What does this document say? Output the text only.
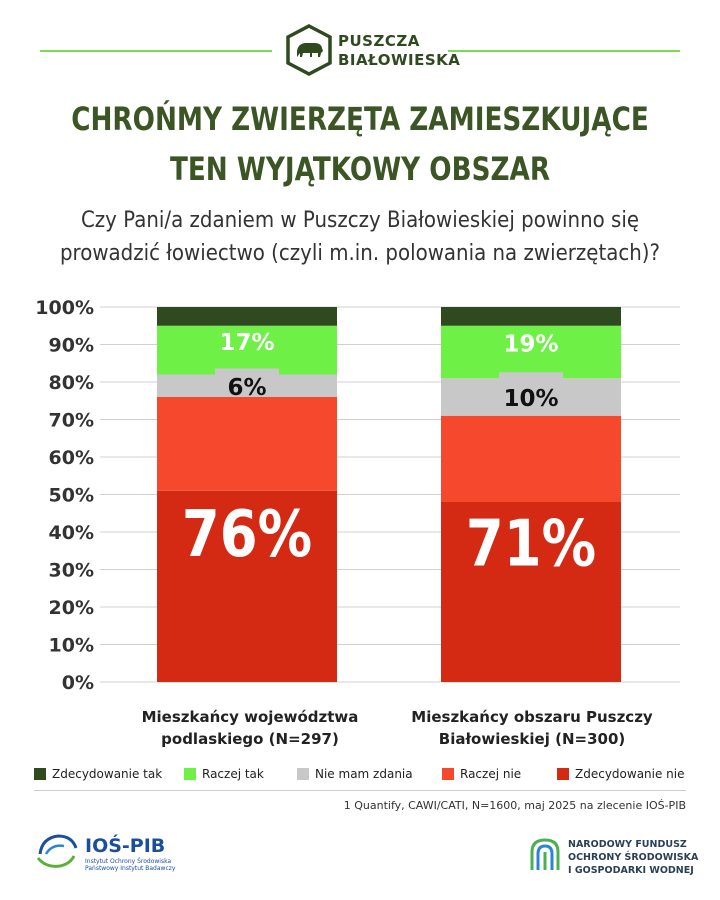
PUSZCZA
BIAŁOWIESKA
CHROŃMY ZWIERZĘTA ZAMIESZKUJĄCE
TEN WYJĄTKOWY OBSZAR
Czy Pani/a zdaniem w Puszczy Białowieskiej powinno się
prowadzić łowiectwo (czyli m.in. polowania na zwierzętach)?
0%
10%
20%
30%
40%
50%
60%
70%
80%
90%
100%
76%
6%
17%
71%
10%
19%
Mieszkańcy województwa
podlaskiego (N=297)
Mieszkańcy obszaru Puszczy
Białowieskiej (N=300)
Zdecydowanie tak	Raczej tak	Nie mam zdania	Raczej nie	Zdecydowanie nie
1 Quantify, CAWI/CATI, N=1600, maj 2025 na zlecenie IOŚ-PIB
IOŚ-PIB
Instytut Ochrony Środowiska
Państwowy Instytut Badawczy
NARODOWY FUNDUSZ
OCHRONY ŚRODOWISKA
I GOSPODARKI WODNEJ
